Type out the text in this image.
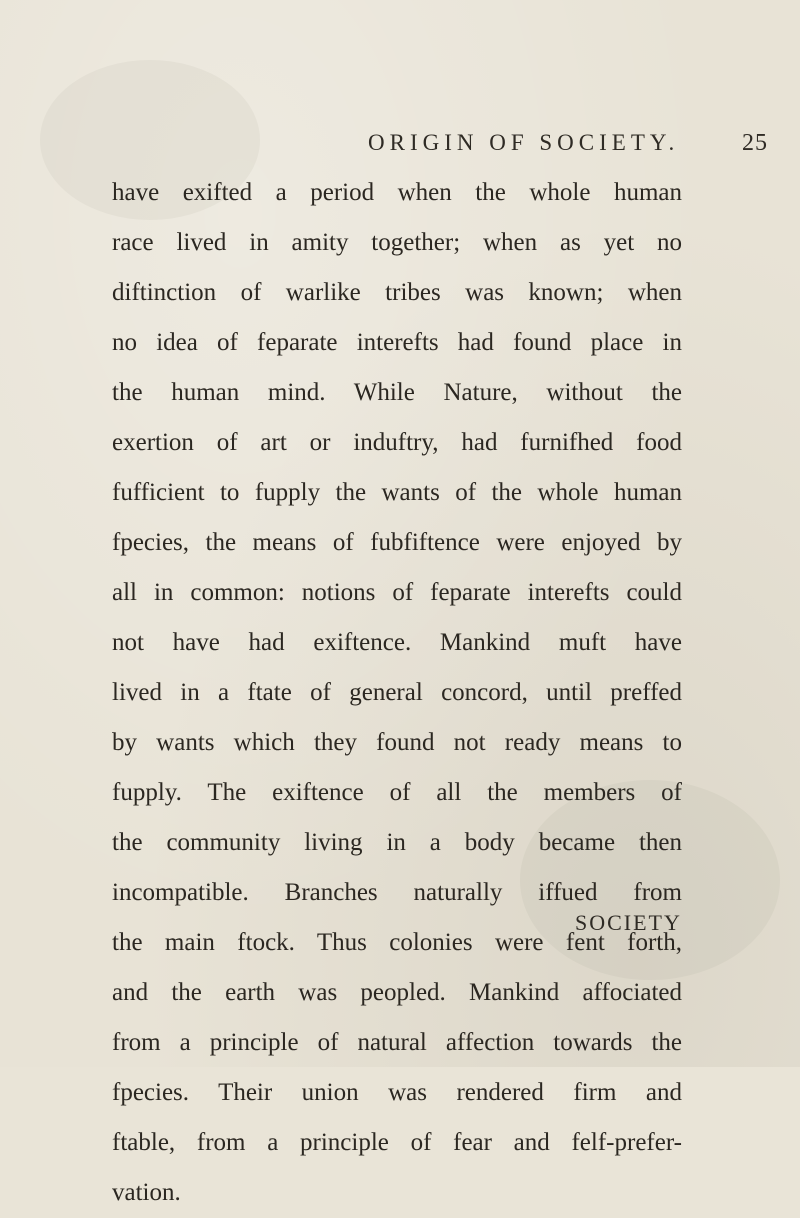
ORIGIN OF SOCIETY.	25
have exifted a period when the whole human
race lived in amity together; when as yet no
diftinction of warlike tribes was known; when
no idea of feparate interefts had found place in
the human mind. While Nature, without the
exertion of art or induftry, had furnifhed food
fufficient to fupply the wants of the whole human
fpecies, the means of fubfiftence were enjoyed by
all in common: notions of feparate interefts could
not have had exiftence. Mankind muft have
lived in a ftate of general concord, until preffed
by wants which they found not ready means to
fupply. The exiftence of all the members of
the community living in a body became then
incompatible. Branches naturally iffued from
the main ftock. Thus colonies were fent forth,
and the earth was peopled. Mankind affociated
from a principle of natural affection towards the
fpecies. Their union was rendered firm and
ftable, from a principle of fear and felf-prefer-
vation.
SOCIETY
